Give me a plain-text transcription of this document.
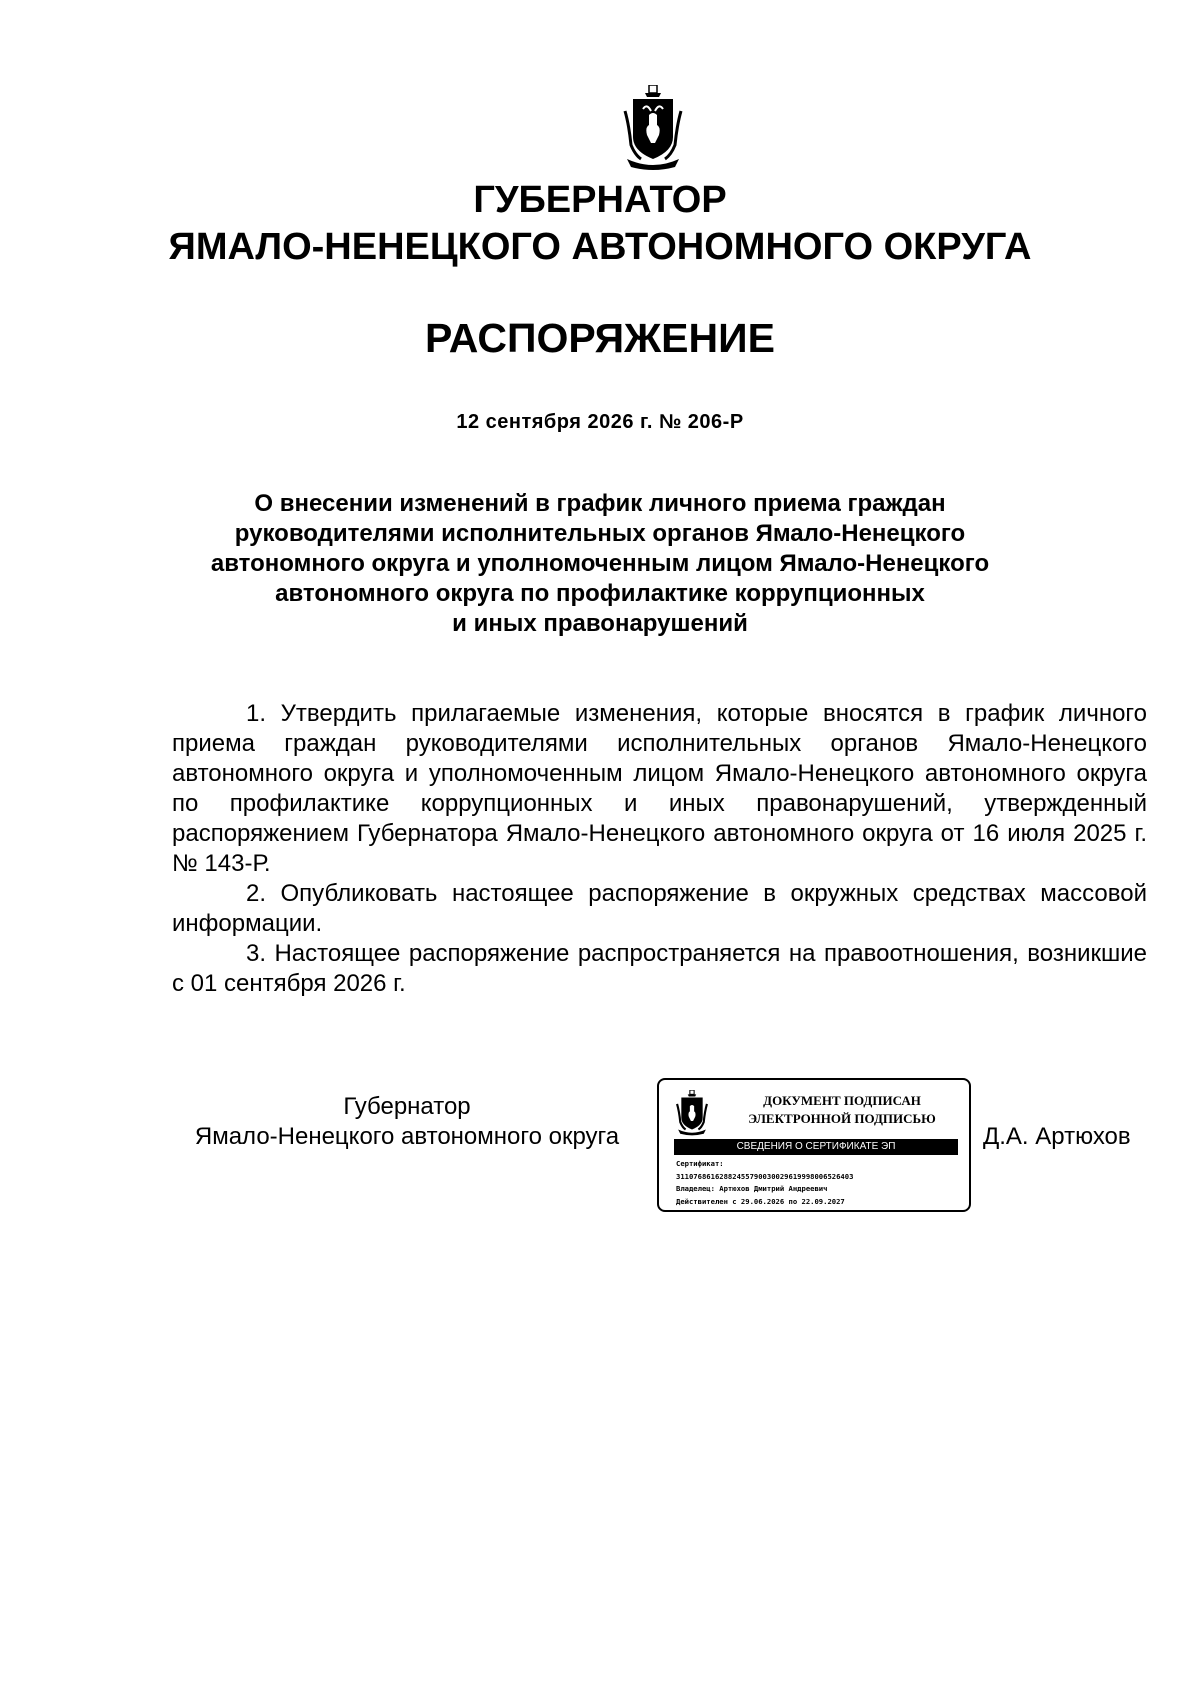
ГУБЕРНАТОР
ЯМАЛО-НЕНЕЦКОГО АВТОНОМНОГО ОКРУГА
РАСПОРЯЖЕНИЕ
12 сентября 2026 г. № 206-Р
О внесении изменений в график личного приема граждан
руководителями исполнительных органов Ямало-Ненецкого
автономного округа и уполномоченным лицом Ямало-Ненецкого
автономного округа по профилактике коррупционных
и иных правонарушений

1. Утвердить прилагаемые изменения, которые вносятся в график личного приема граждан руководителями исполнительных органов Ямало-Ненецкого автономного округа и уполномоченным лицом Ямало-Ненецкого автономного округа по профилактике коррупционных и иных правонарушений, утвержденный распоряжением Губернатора Ямало-Ненецкого автономного округа от 16 июля 2025 г. № 143-Р.

2. Опубликовать настоящее распоряжение в окружных средствах массовой информации.

3. Настоящее распоряжение распространяется на правоотношения, возникшие с 01 сентября 2026 г.

Губернатор
Ямало-Ненецкого автономного округа
ДОКУМЕНТ ПОДПИСАН
ЭЛЕКТРОННОЙ ПОДПИСЬЮ
СВЕДЕНИЯ О СЕРТИФИКАТЕ ЭП
Сертификат:
31107686162882455790030029619998006526403
Владелец: Артюхов Дмитрий Андреевич
Действителен с 29.06.2026 по 22.09.2027
Д.А. Артюхов
